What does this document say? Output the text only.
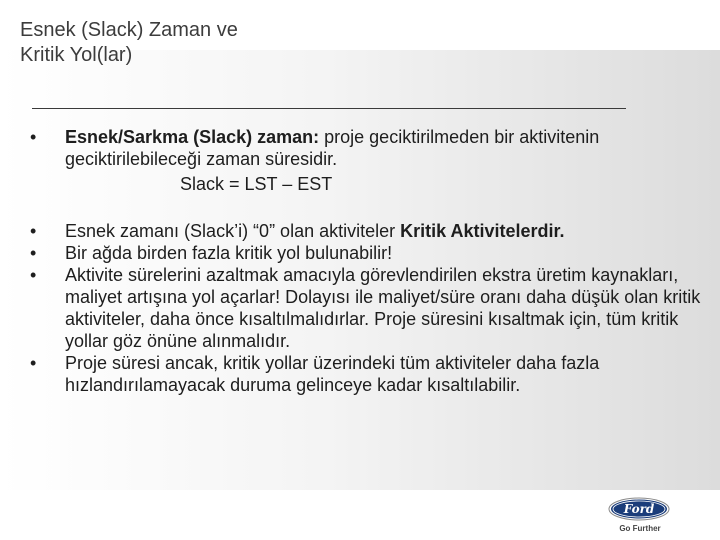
Esnek (Slack) Zaman ve
Kritik Yol(lar)
•	Esnek/Sarkma (Slack) zaman: proje geciktirilmeden bir aktivitenin geciktirilebileceği zaman süresidir.
Slack = LST – EST
•	Esnek zamanı (Slack’i) “0” olan aktiviteler Kritik Aktivitelerdir.
•	Bir ağda birden fazla kritik yol bulunabilir!
•	Aktivite sürelerini azaltmak amacıyla görevlendirilen ekstra üretim kaynakları, maliyet artışına yol açarlar! Dolayısı ile maliyet/süre oranı daha düşük olan kritik aktiviteler, daha önce kısaltılmalıdırlar. Proje süresini kısaltmak için, tüm kritik yollar göz önüne alınmalıdır.
•	Proje süresi ancak, kritik yollar üzerindeki tüm aktiviteler daha fazla hızlandırılamayacak duruma gelinceye kadar kısaltılabilir.
Ford
Go Further
